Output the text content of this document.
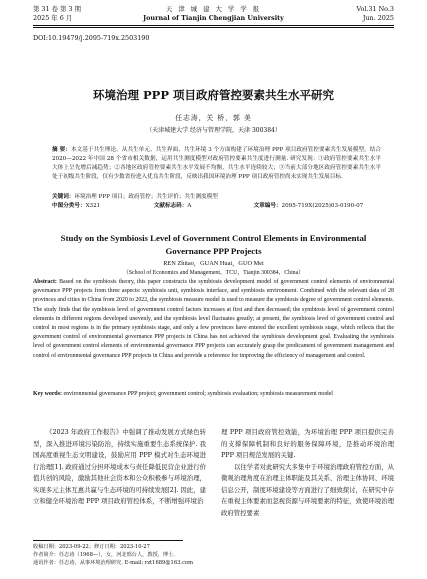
第 31 卷 第 3 期
2025 年 6 月
天 津 城 建 大 学 学 报
Journal of Tianjin Chengjian University
Vol.31 No.3
Jun. 2025
DOI:10.19479/j.2095-719x.2503190
环境治理 PPP 项目政府管控要素共生水平研究
任志涛，关 桥，郭 美
（天津城建大学 经济与管理学院，天津 300384）
摘 要：本文基于共生理论，从共生单元、共生界面、共生环境 3 个方面构建了环境治理 PPP 项目政府管控要素共生发展模型，结合 2020—2022 年中国 28 个省市相关数据，运用共生测度模型对政府管控要素共生度进行测量. 研究发现：①政府管控要素共生水平大体上呈先增后减趋势；②各地区政府管控要素共生水平发展不均衡，共生水平连续较大；③当前大部分地区政府管控要素共生水平处于初级共生阶段，仅有少数省份进入优良共生阶段，反映出我国环境治理 PPP 项目政府管控尚未实现共生发展目标.
关键词：环境治理 PPP 项目；政府管控；共生评价；共生测度模型
中图分类号：X321	文献标志码：A	文章编号：2095-719X(2025)03-0190-07
Study on the Symbiosis Level of Government Control Elements in Environmental Governance PPP Projects
REN Zhitao，GUAN Huai，GUO Mei
（School of Economics and Management，TCU，Tianjin 300384，China）
Abstract: Based on the symbiosis theory, this paper constructs the symbiosis development model of government control elements of environmental governance PPP projects from three aspects: symbiosis unit, symbiosis interface, and symbiosis environment. Combined with the relevant data of 28 provinces and cities in China from 2020 to 2022, the symbiosis measure model is used to measure the symbiosis degree of government control elements. The study finds that the symbiosis level of government control factors increases at first and then decreased; the symbiosis level of government control elements in different regions developed unevenly, and the symbiosis level fluctuates greatly; at present, the symbiosis level of government control and control in most regions is in the primary symbiosis stage, and only a few provinces have entered the excellent symbiosis stage, which reflects that the government control of environmental governance PPP projects in China has not achieved the symbiosis development goal. Evaluating the symbiosis level of government control elements of environmental governance PPP projects can accurately grasp the predicament of government management and control of environmental governance PPP projects in China and provide a reference for improving the efficiency of management and control.
Key words: environmental governance PPP project; government control; symbiosis evaluation; symbiosis measurement model
《2023 年政府工作报告》中强调了推动发展方式绿色转型，深入推进环境污染防治，持续实施重要生态系统保护. 我国高度重视生态文明建设，鼓励应用 PPP 模式对生态环境进行治理[1]. 政府通过分担环境成本与责任降低民营企业进行价值共创的风险，激励其他社会资本和公众积极参与环境治理，实现多元主体互惠共赢与生态环境的可持续发展[2]. 因此，建立和健全环境治理 PPP 项目政府管控体系，不断增强环境治

理 PPP 项目政府管控效能，为环境治理 PPP 项目提供完善的支撑保障机制和良好的服务保障环境，是推动环境治理 PPP 项目规范发展的关键.

以往学者对此研究大多集中于环境治理政府管控方面，从微观治理角度在治理主体职能及其关系、治理主体协同、环境信息公开，制度环境建设等方面进行了细致探讨，在研究中存在重视主体要素而忽视资源与环境要素的特征，致使环境治理政府管控要素

收稿日期：2023-09-22；修订日期：2023-10-27
作者简介：任志涛（1968—），女，河北邢台人，教授，博士.
通讯作者：任志涛，从事环境治理研究. E-mail: rzt1689@163.com
